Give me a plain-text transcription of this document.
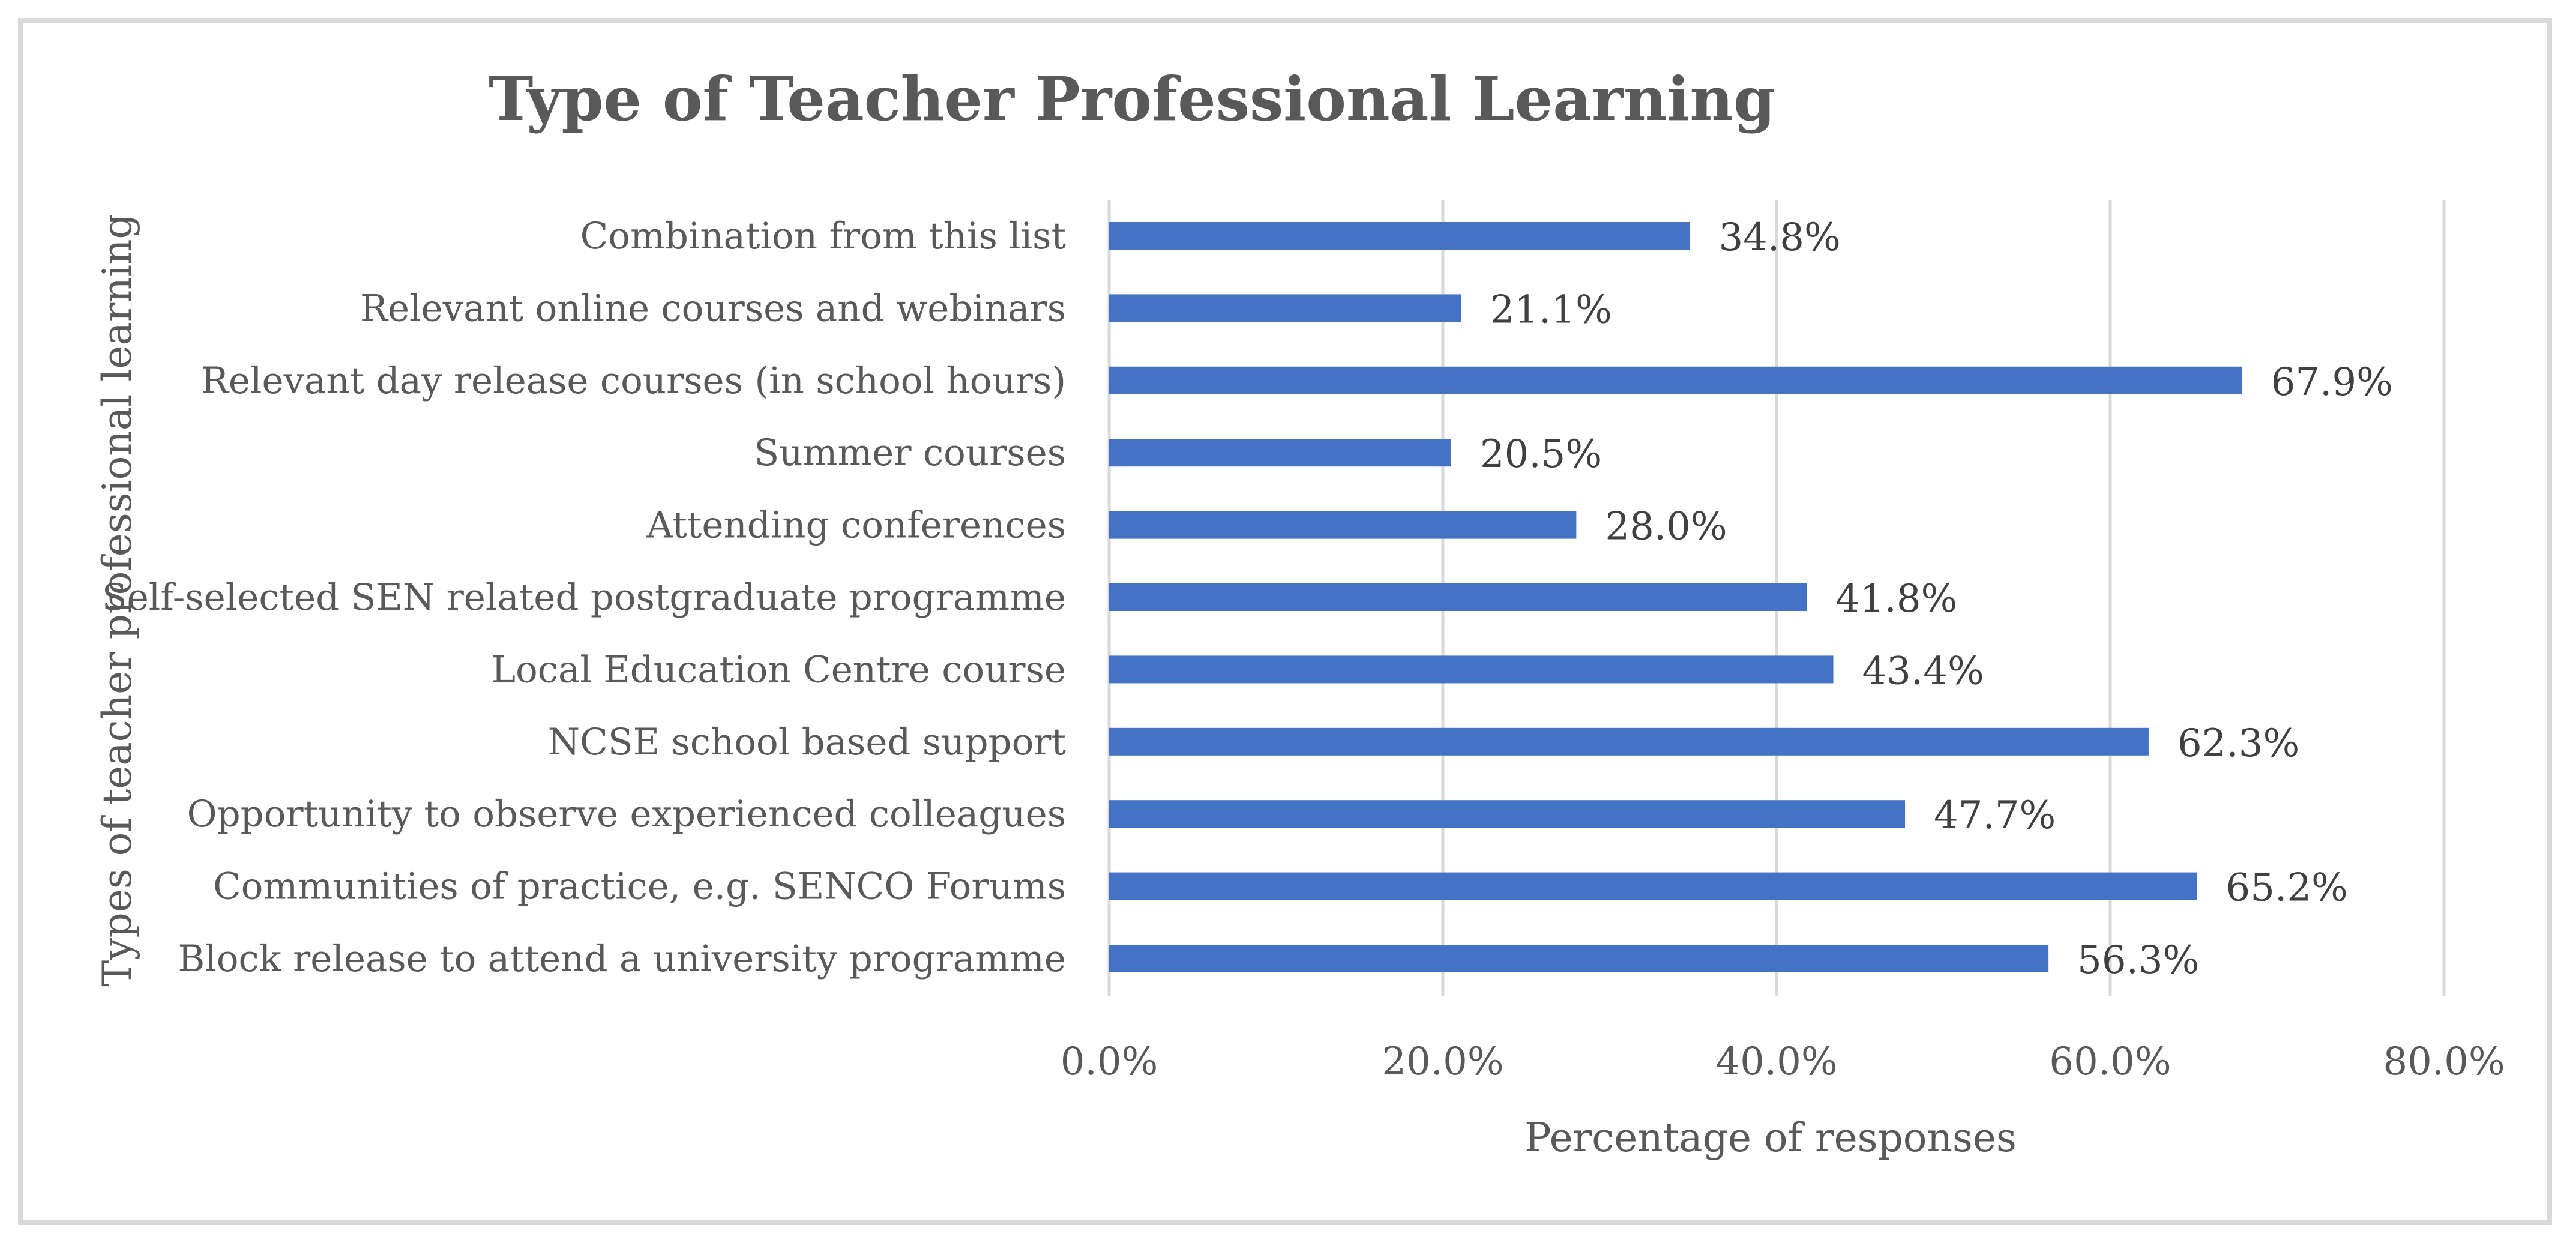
Type of Teacher Professional Learning
Combination from this list
Relevant online courses and webinars
Relevant day release courses (in school hours)
Summer courses
Attending conferences
Self-selected SEN related postgraduate programme
Local Education Centre course
NCSE school based support
Opportunity to observe experienced colleagues
Communities of practice, e.g. SENCO Forums
Block release to attend a university programme
34.8%
21.1%
67.9%
20.5%
28.0%
41.8%
43.4%
62.3%
47.7%
65.2%
56.3%
0.0%	20.0%	40.0%	60.0%	80.0%
Percentage of responses
Types of teacher professional learning
